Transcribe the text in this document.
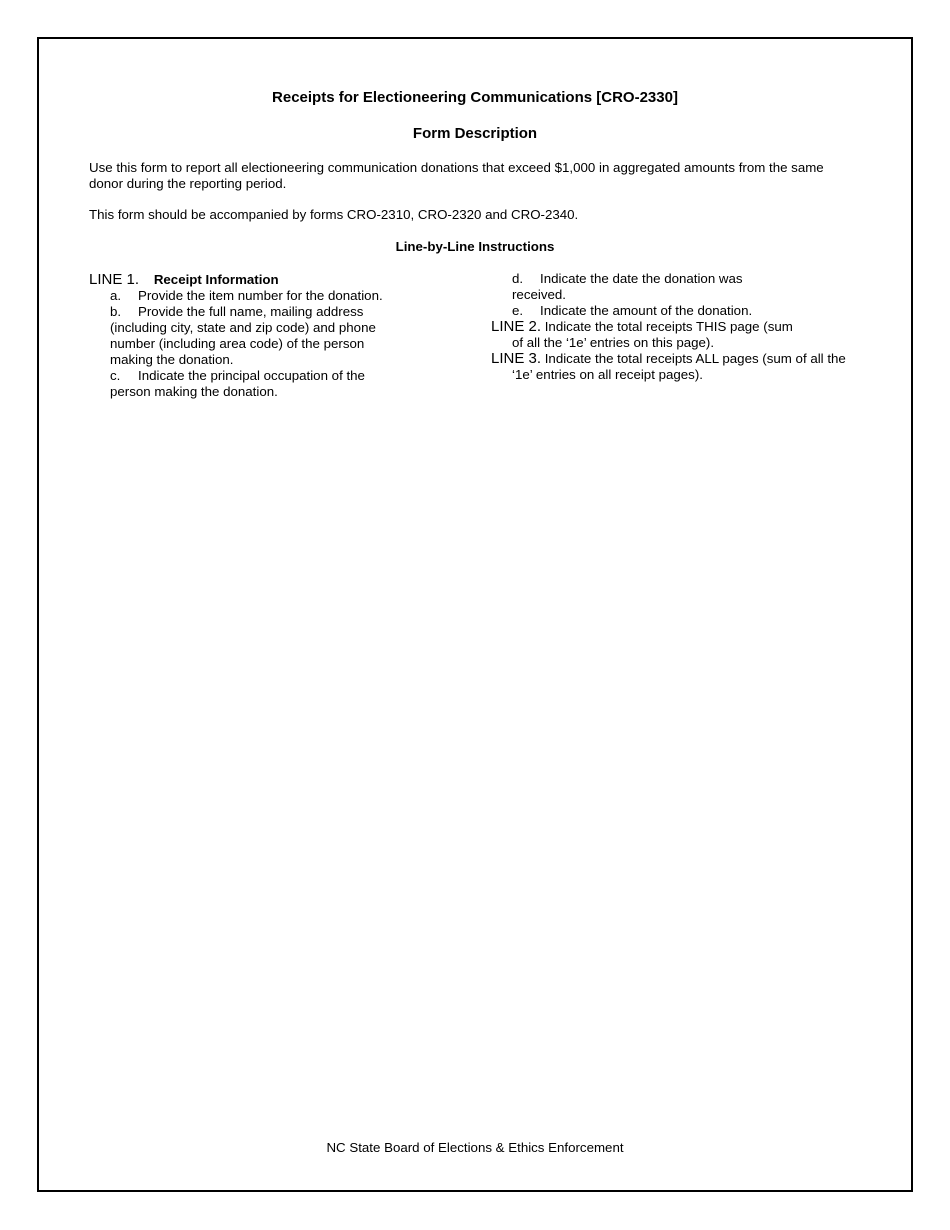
Receipts for Electioneering Communications [CRO-2330]
Form Description
Use this form to report all electioneering communication donations that exceed $1,000 in aggregated amounts from the same donor during the reporting period.
This form should be accompanied by forms CRO-2310, CRO-2320 and CRO-2340.
Line-by-Line Instructions
LINE 1. Receipt Information
a. Provide the item number for the donation.
b. Provide the full name, mailing address (including city, state and zip code) and phone number (including area code) of the person making the donation.
c. Indicate the principal occupation of the person making the donation.
d. Indicate the date the donation was received.
e. Indicate the amount of the donation.
LINE 2. Indicate the total receipts THIS page (sum of all the ‘1e’ entries on this page).
LINE 3. Indicate the total receipts ALL pages (sum of all the ‘1e’ entries on all receipt pages).
NC State Board of Elections & Ethics Enforcement
